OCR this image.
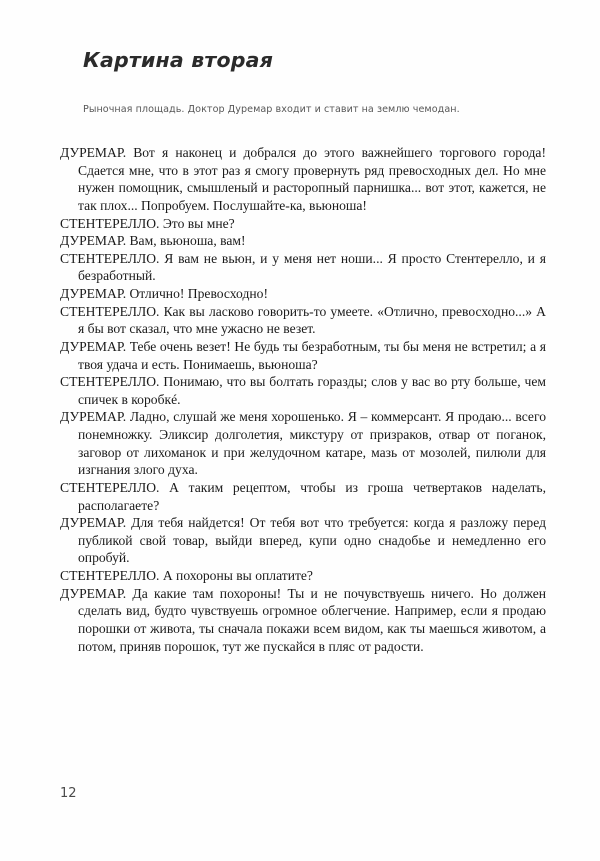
Картина вторая
Рыночная площадь. Доктор Дуремар входит и ставит на землю чемодан.

ДУРЕМАР. Вот я наконец и добрался до этого важнейшего торгового города! Сдается мне, что в этот раз я смогу провернуть ряд превосходных дел. Но мне нужен помощник, смышленый и расторопный парнишка... вот этот, кажется, не так плох... Попробуем. Послушайте-ка, вьюноша!

СТЕНТЕРЕЛЛО. Это вы мне?

ДУРЕМАР. Вам, вьюноша, вам!

СТЕНТЕРЕЛЛО. Я вам не вьюн, и у меня нет ноши... Я просто Стентерелло, и я безработный.

ДУРЕМАР. Отлично! Превосходно!

СТЕНТЕРЕЛЛО. Как вы ласково говорить-то умеете. «Отлично, превосходно...» А я бы вот сказал, что мне ужасно не везет.

ДУРЕМАР. Тебе очень везет! Не будь ты безработным, ты бы меня не встретил; а я твоя удача и есть. Понимаешь, вьюноша?

СТЕНТЕРЕЛЛО. Понимаю, что вы болтать горазды; слов у вас во рту больше, чем спичек в коробкé.

ДУРЕМАР. Ладно, слушай же меня хорошенько. Я – коммерсант. Я продаю... всего понемножку. Эликсир долголетия, микстуру от призраков, отвар от поганок, заговор от лихоманок и при желудочном катаре, мазь от мозолей, пилюли для изгнания злого духа.

СТЕНТЕРЕЛЛО. А таким рецептом, чтобы из гроша четвертаков наделать, располагаете?

ДУРЕМАР. Для тебя найдется! От тебя вот что требуется: когда я разложу перед публикой свой товар, выйди вперед, купи одно снадобье и немедленно его опробуй.

СТЕНТЕРЕЛЛО. А похороны вы оплатите?

ДУРЕМАР. Да какие там похороны! Ты и не почувствуешь ничего. Но должен сделать вид, будто чувствуешь огромное облегчение. Например, если я продаю порошки от живота, ты сначала покажи всем видом, как ты маешься животом, а потом, приняв порошок, тут же пускайся в пляс от радости.

12
